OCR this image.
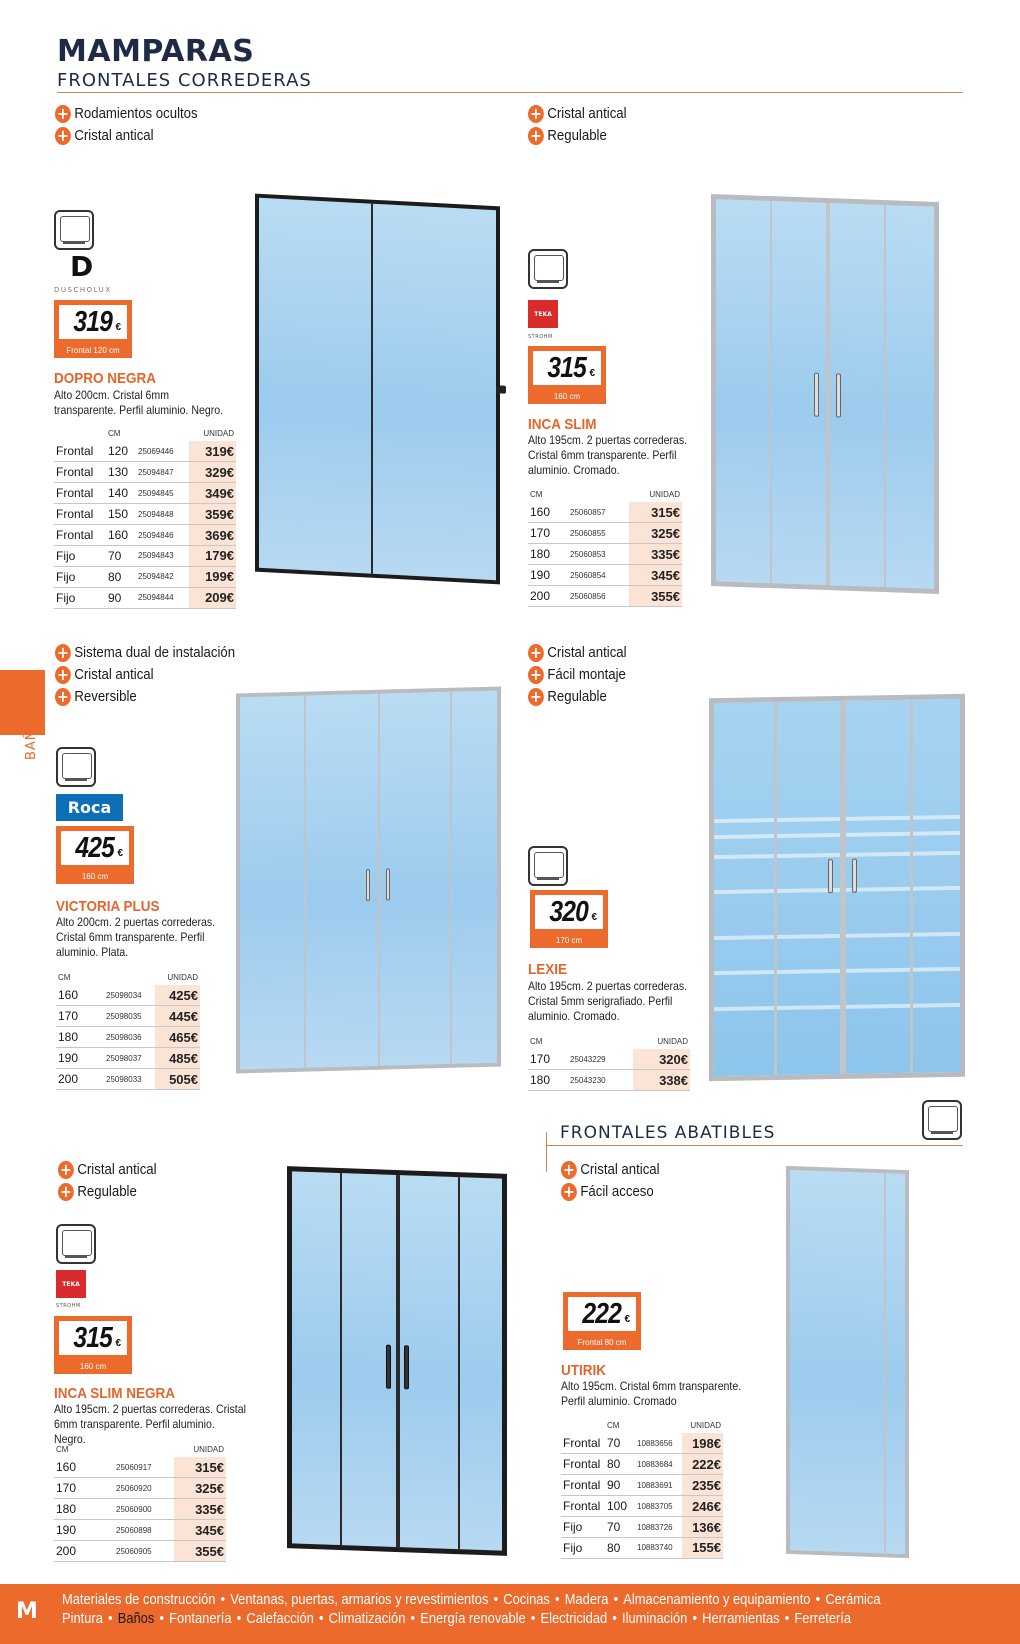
MAMPARAS
FRONTALES CORREDERAS
BAÑOS
+ Rodamientos ocultos
+ Cristal antical
D
DUSCHOLUX
319 €
Frontal 120 cm
DOPRO NEGRA
Alto 200cm. Cristal 6mm transparente. Perfil aluminio. Negro.
	CM		UNIDAD
Frontal	120	25069446	319€
Frontal	130	25094847	329€
Frontal	140	25094845	349€
Frontal	150	25094848	359€
Frontal	160	25094846	369€
Fijo	70	25094843	179€
Fijo	80	25094842	199€
Fijo	90	25094844	209€
+ Cristal antical
+ Regulable
TEKA
STROHM
315 €
160 cm
INCA SLIM
Alto 195cm. 2 puertas correderas. Cristal 6mm transparente. Perfil aluminio. Cromado.
CM		UNIDAD
160	25060857	315€
170	25060855	325€
180	25060853	335€
190	25060854	345€
200	25060856	355€
+ Sistema dual de instalación
+ Cristal antical
+ Reversible
Roca
425 €
160 cm
VICTORIA PLUS
Alto 200cm. 2 puertas correderas. Cristal 6mm transparente. Perfil aluminio. Plata.
CM		UNIDAD
160	25098034	425€
170	25098035	445€
180	25098036	465€
190	25098037	485€
200	25098033	505€
+ Cristal antical
+ Fácil montaje
+ Regulable
320 €
170 cm
LEXIE
Alto 195cm. 2 puertas correderas. Cristal 5mm serigrafiado. Perfil aluminio. Cromado.
CM		UNIDAD
170	25043229	320€
180	25043230	338€
+ Cristal antical
+ Regulable
TEKA
STROHM
315 €
160 cm
INCA SLIM NEGRA
Alto 195cm. 2 puertas correderas. Cristal 6mm transparente. Perfil aluminio. Negro.
CM		UNIDAD
160	25060917	315€
170	25060920	325€
180	25060900	335€
190	25060898	345€
200	25060905	355€
FRONTALES ABATIBLES
+ Cristal antical
+ Fácil acceso
222 €
Frontal 80 cm
UTIRIK
Alto 195cm. Cristal 6mm transparente. Perfil aluminio. Cromado
	CM		UNIDAD
Frontal	70	10883656	198€
Frontal	80	10883684	222€
Frontal	90	10883691	235€
Frontal	100	10883705	246€
Fijo	70	10883726	136€
Fijo	80	10883740	155€
M Materiales de construcción • Ventanas, puertas, armarios y revestimientos • Cocinas • Madera • Almacenamiento y equipamiento • Cerámica
Pintura • Baños • Fontanería • Calefacción • Climatización • Energía renovable • Electricidad • Iluminación • Herramientas • Ferretería
